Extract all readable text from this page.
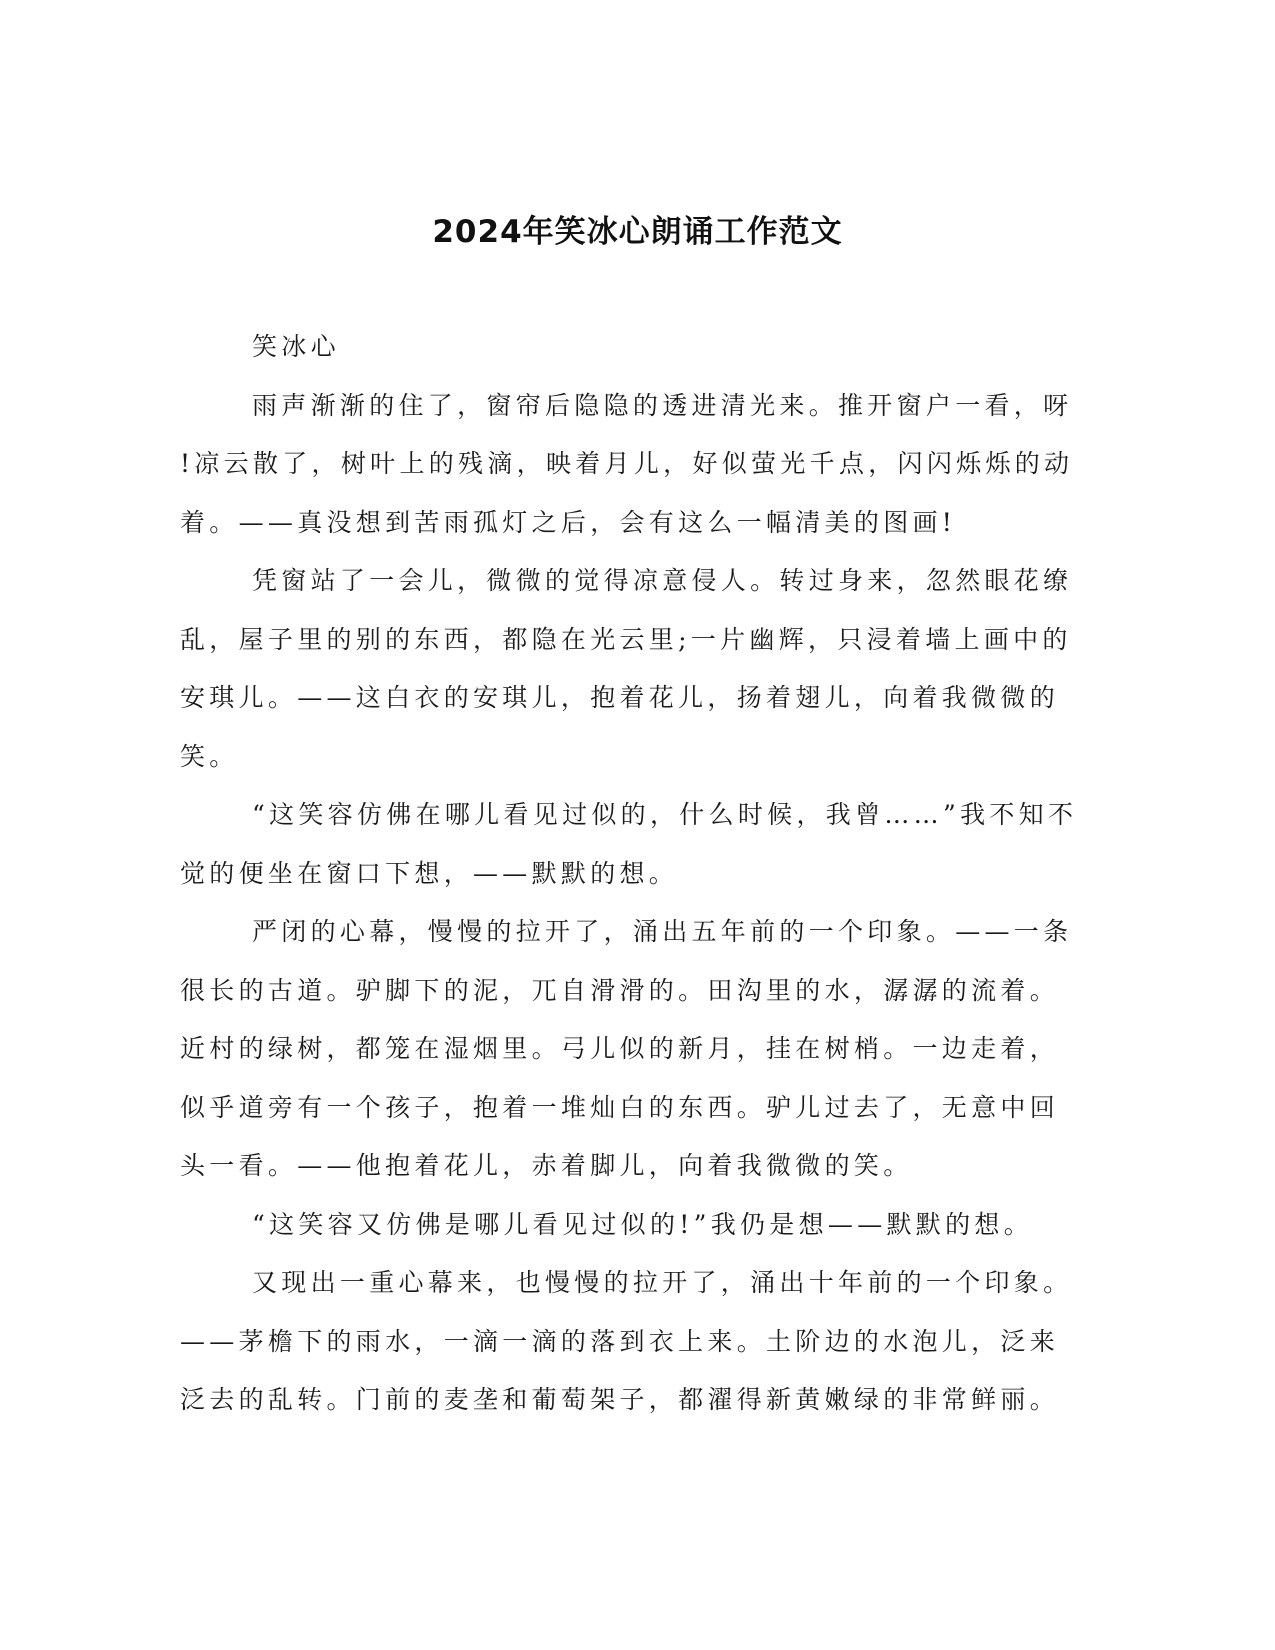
2024年笑冰心朗诵工作范文
笑冰心
雨声渐渐的住了，窗帘后隐隐的透进清光来。推开窗户一看，呀
!凉云散了，树叶上的残滴，映着月儿，好似萤光千点，闪闪烁烁的动
着。——真没想到苦雨孤灯之后，会有这么一幅清美的图画!
凭窗站了一会儿，微微的觉得凉意侵人。转过身来，忽然眼花缭
乱，屋子里的别的东西，都隐在光云里;一片幽辉，只浸着墙上画中的
安琪儿。——这白衣的安琪儿，抱着花儿，扬着翅儿，向着我微微的
笑。
“这笑容仿佛在哪儿看见过似的，什么时候，我曾……”我不知不
觉的便坐在窗口下想，——默默的想。
严闭的心幕，慢慢的拉开了，涌出五年前的一个印象。——一条
很长的古道。驴脚下的泥，兀自滑滑的。田沟里的水，潺潺的流着。
近村的绿树，都笼在湿烟里。弓儿似的新月，挂在树梢。一边走着，
似乎道旁有一个孩子，抱着一堆灿白的东西。驴儿过去了，无意中回
头一看。——他抱着花儿，赤着脚儿，向着我微微的笑。
“这笑容又仿佛是哪儿看见过似的!”我仍是想——默默的想。
又现出一重心幕来，也慢慢的拉开了，涌出十年前的一个印象。
——茅檐下的雨水，一滴一滴的落到衣上来。土阶边的水泡儿，泛来
泛去的乱转。门前的麦垄和葡萄架子，都濯得新黄嫩绿的非常鲜丽。
